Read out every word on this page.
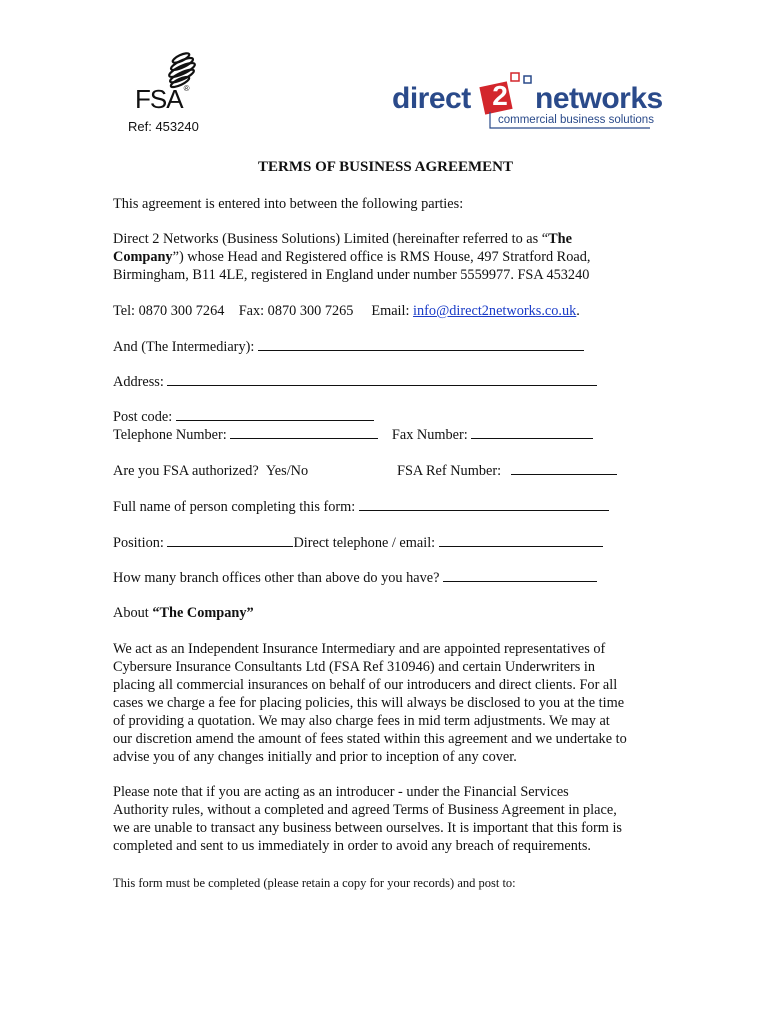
FSA®
Ref: 453240
direct 2 networks
commercial business solutions
TERMS OF BUSINESS AGREEMENT

This agreement is entered into between the following parties:

Direct 2 Networks (Business Solutions) Limited (hereinafter referred to as “The
Company”) whose Head and Registered office is RMS House, 497 Stratford Road,
Birmingham, B11 4LE, registered in England under number 5559977. FSA 453240

Tel: 0870 300 7264 Fax: 0870 300 7265 Email: info@direct2networks.co.uk.

And (The Intermediary):

Address:

Post code:

Telephone Number:	Fax Number:

Are you FSA authorized? Yes/No	FSA Ref Number:

Full name of person completing this form:

Position:	Direct telephone / email:

How many branch offices other than above do you have?

About “The Company”

We act as an Independent Insurance Intermediary and are appointed representatives of
Cybersure Insurance Consultants Ltd (FSA Ref 310946) and certain Underwriters in
placing all commercial insurances on behalf of our introducers and direct clients. For all
cases we charge a fee for placing policies, this will always be disclosed to you at the time
of providing a quotation. We may also charge fees in mid term adjustments. We may at
our discretion amend the amount of fees stated within this agreement and we undertake to
advise you of any changes initially and prior to inception of any cover.

Please note that if you are acting as an introducer - under the Financial Services
Authority rules, without a completed and agreed Terms of Business Agreement in place,
we are unable to transact any business between ourselves. It is important that this form is
completed and sent to us immediately in order to avoid any breach of requirements.

This form must be completed (please retain a copy for your records) and post to:
